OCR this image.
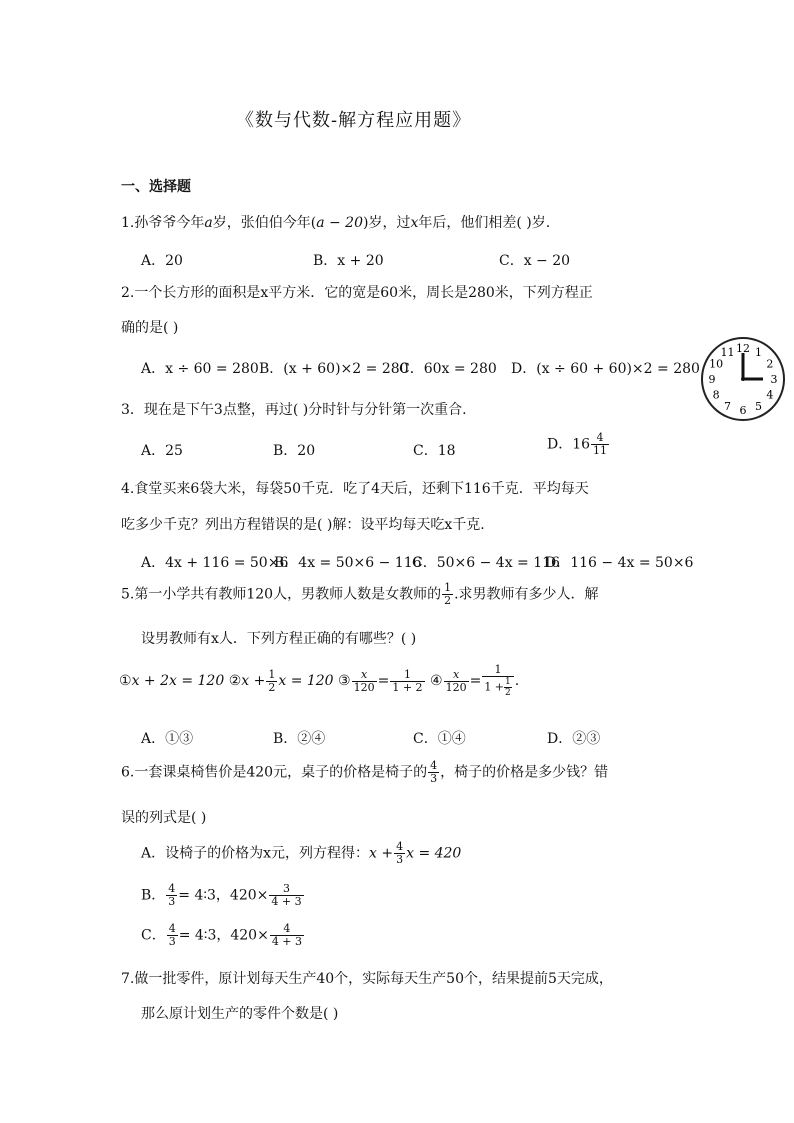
《数与代数-解方程应用题》
一、选择题
1.孙爷爷今年a岁，张伯伯今年(a − 20)岁，过x年后，他们相差( )岁.
A．20	B．x + 20	C．x − 20
2.一个长方形的面积是x平方米．它的宽是60米，周长是280米，下列方程正
确的是( )
A．x ÷ 60 = 280 B．(x + 60)×2 = 280
C．60x = 280 D．(x ÷ 60 + 60)×2 = 280
12 1
2
3
4
5
6
7
8
9
10
11
3．现在是下午3点整，再过( )分时针与分针第一次重合.
A．25	B．20	C．18	D．$16 \frac{4}{11}$
4.食堂买来6袋大米，每袋50千克．吃了4天后，还剩下116千克．平均每天
吃多少千克？列出方程错误的是( )解：设平均每天吃x千克.
A．4x + 116 = 50×6
B．4x = 50×6 − 116
C．50×6 − 4x = 116
D．116 − 4x = 50×6
5.第一小学共有教师120人，男教师人数是女教师的 $\frac{1}{2}$ .求男教师有多少人．解
设男教师有x人．下列方程正确的有哪些？( )
①x + 2x = 120 ②x + $\frac{1}{2}$ x = 120 ③ $\frac{x}{120} = \frac{1}{1 + 2}$ ④ $\frac{x}{120} = \frac{1}{1 + \frac{1}{2}}$ .
A．①③	B．②④	C．①④	D．②③
6.一套课桌椅售价是420元，桌子的价格是椅子的 $\frac{4}{3}$ ，椅子的价格是多少钱？错
误的列式是( )
A．设椅子的价格为x元，列方程得：$x + \frac{4}{3}$ x = 420
B． $\frac{4}{3}$ = 4∶3，$420\times \frac{3}{4 + 3}$
C． $\frac{4}{3}$ = 4∶3，$420\times \frac{4}{4 + 3}$
7.做一批零件，原计划每天生产40个，实际每天生产50个，结果提前5天完成，
那么原计划生产的零件个数是( )
